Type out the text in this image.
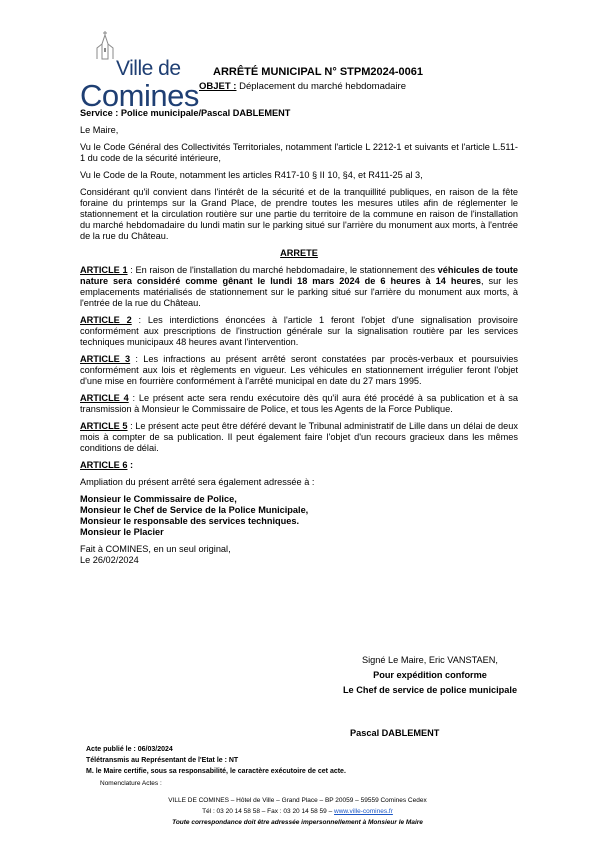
Ville de
Comines
ARRÊTÉ MUNICIPAL N° STPM2024-0061
OBJET : Déplacement du marché hebdomadaire

Service : Police municipale/Pascal DABLEMENT

Le Maire,

Vu le Code Général des Collectivités Territoriales, notamment l'article L 2212-1 et suivants et l'article L.511-1 du code de la sécurité intérieure,

Vu le Code de la Route, notamment les articles R417-10 § II 10, §4, et R411-25 al 3,

Considérant qu'il convient dans l'intérêt de la sécurité et de la tranquillité publiques, en raison de la fête foraine du printemps sur la Grand Place, de prendre toutes les mesures utiles afin de réglementer le stationnement et la circulation routière sur une partie du territoire de la commune en raison de l'installation du marché hebdomadaire du lundi matin sur le parking situé sur l'arrière du monument aux morts, à l'entrée de la rue du Château.

ARRETE

ARTICLE 1 : En raison de l'installation du marché hebdomadaire, le stationnement des véhicules de toute nature sera considéré comme gênant le lundi 18 mars 2024 de 6 heures à 14 heures, sur les emplacements matérialisés de stationnement sur le parking situé sur l'arrière du monument aux morts, à l'entrée de la rue du Château.

ARTICLE 2 : Les interdictions énoncées à l'article 1 feront l'objet d'une signalisation provisoire conformément aux prescriptions de l'instruction générale sur la signalisation routière par les services techniques municipaux 48 heures avant l'intervention.

ARTICLE 3 : Les infractions au présent arrêté seront constatées par procès-verbaux et poursuivies conformément aux lois et règlements en vigueur. Les véhicules en stationnement irrégulier feront l'objet d'une mise en fourrière conformément à l'arrêté municipal en date du 27 mars 1995.

ARTICLE 4 : Le présent acte sera rendu exécutoire dès qu'il aura été procédé à sa publication et à sa transmission à Monsieur le Commissaire de Police, et tous les Agents de la Force Publique.

ARTICLE 5 : Le présent acte peut être déféré devant le Tribunal administratif de Lille dans un délai de deux mois à compter de sa publication. Il peut également faire l'objet d'un recours gracieux dans les mêmes conditions de délai.

ARTICLE 6 :

Ampliation du présent arrêté sera également adressée à :

Monsieur le Commissaire de Police,
Monsieur le Chef de Service de la Police Municipale,
Monsieur le responsable des services techniques.
Monsieur le Placier
Fait à COMINES, en un seul original,
Le 26/02/2024
Signé Le Maire, Eric VANSTAEN,
Pour expédition conforme
Le Chef de service de police municipale
Pascal DABLEMENT
Acte publié le : 06/03/2024
Télétransmis au Représentant de l'Etat le : NT
M. le Maire certifie, sous sa responsabilité, le caractère exécutoire de cet acte.
Nomenclature Actes :
VILLE DE COMINES – Hôtel de Ville – Grand Place – BP 20059 – 59559 Comines Cedex
Tél : 03 20 14 58 58 – Fax : 03 20 14 58 59 – www.ville-comines.fr
Toute correspondance doit être adressée impersonnellement à Monsieur le Maire
